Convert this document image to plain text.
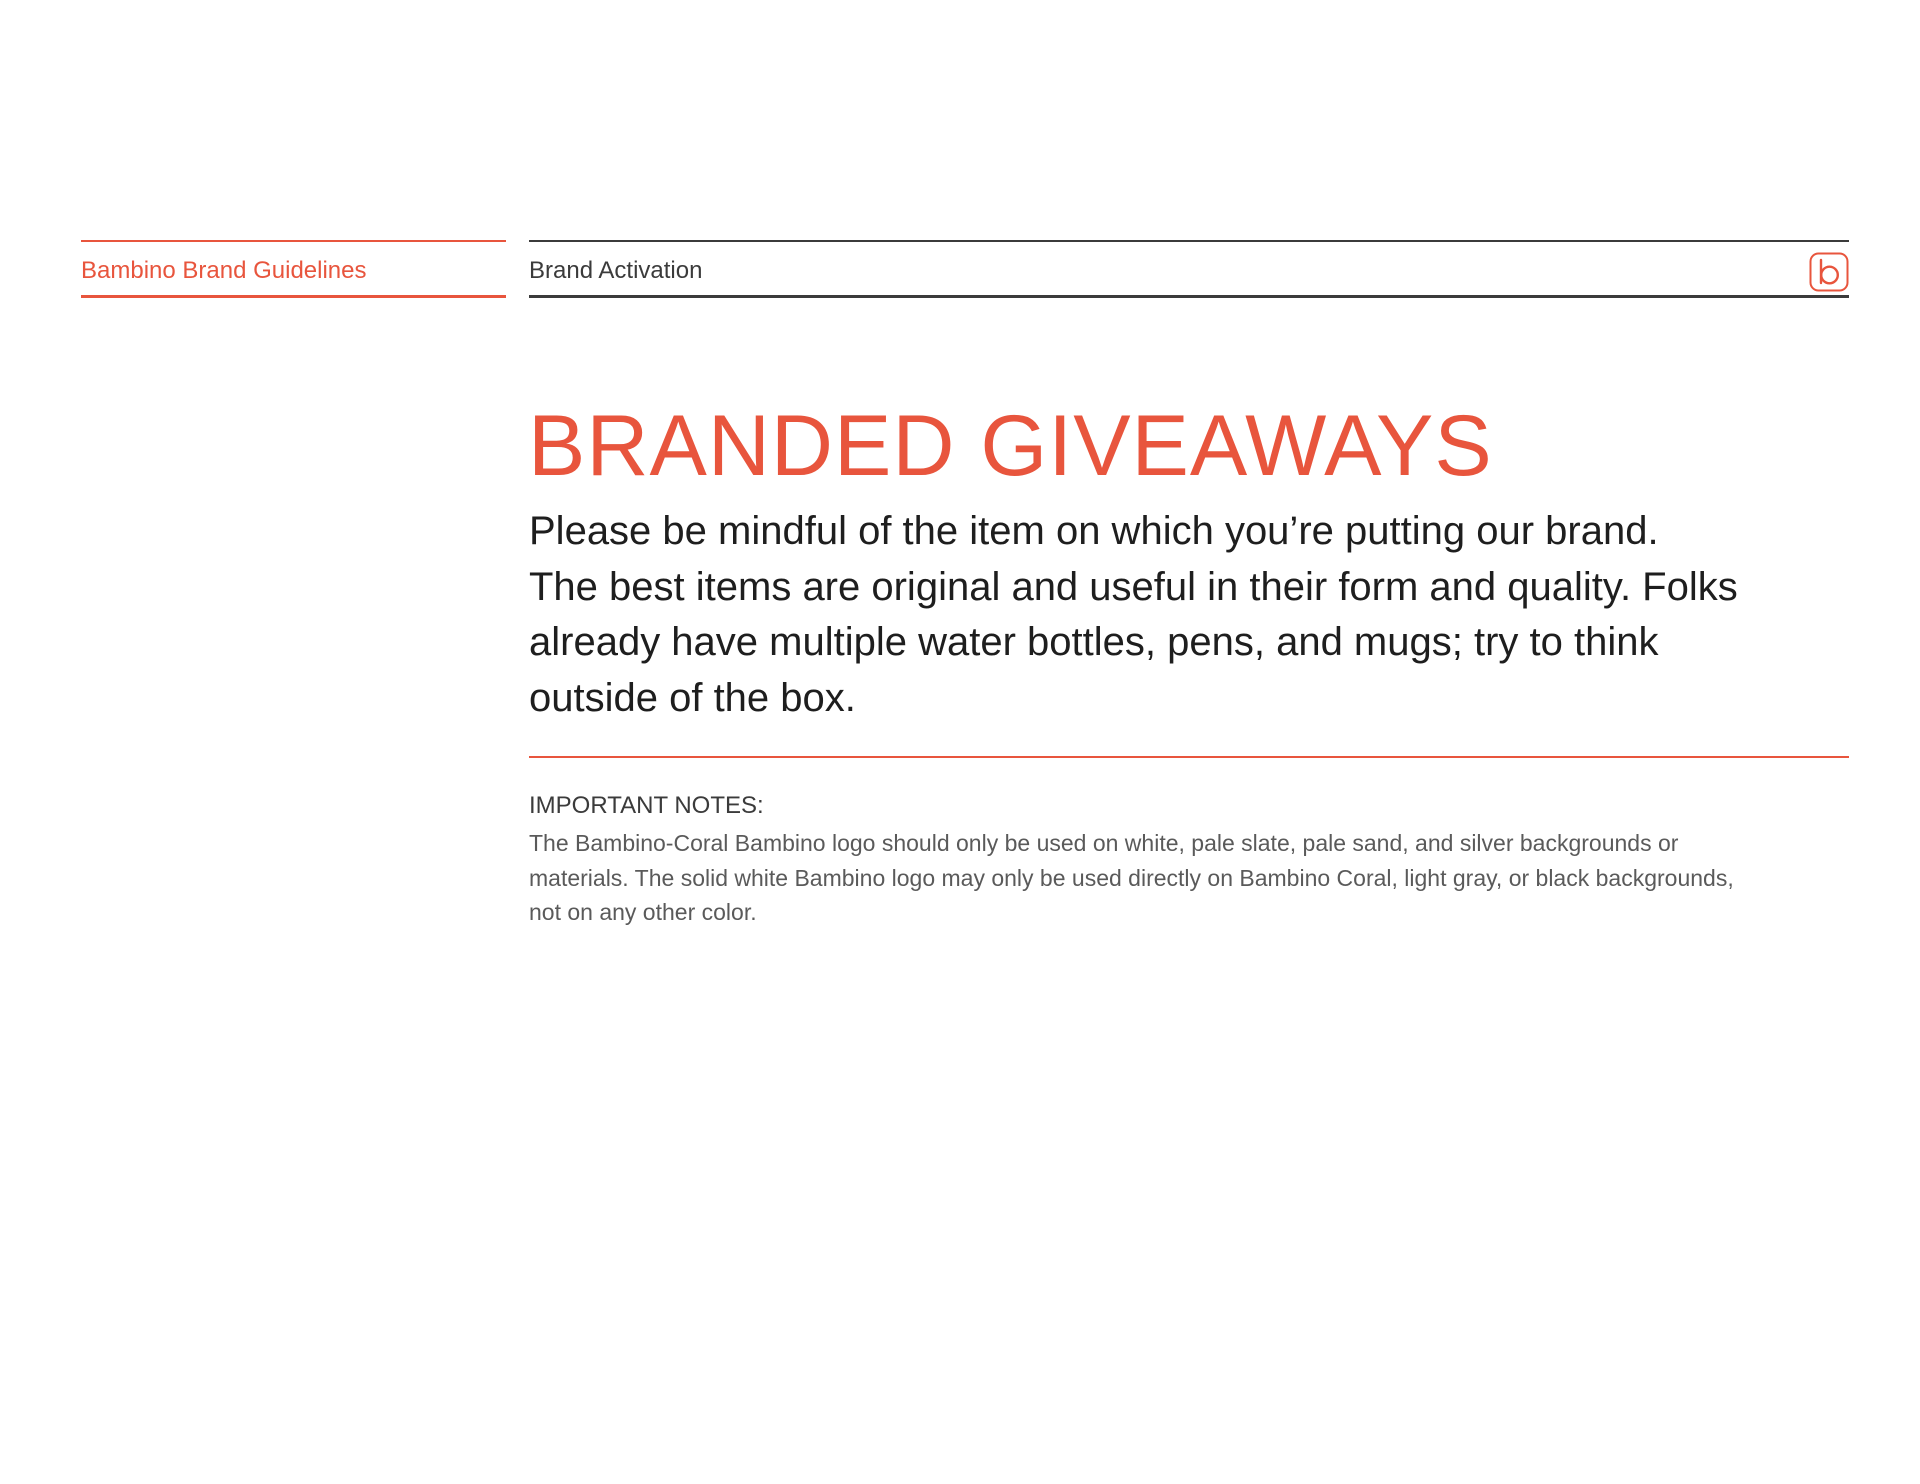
Bambino Brand Guidelines	Brand Activation
BRANDED GIVEAWAYS
Please be mindful of the item on which you’re putting our brand.
The best items are original and useful in their form and quality. Folks
already have multiple water bottles, pens, and mugs; try to think
outside of the box.
IMPORTANT NOTES:
The Bambino-Coral Bambino logo should only be used on white, pale slate, pale sand, and silver backgrounds or
materials. The solid white Bambino logo may only be used directly on Bambino Coral, light gray, or black backgrounds,
not on any other color.
